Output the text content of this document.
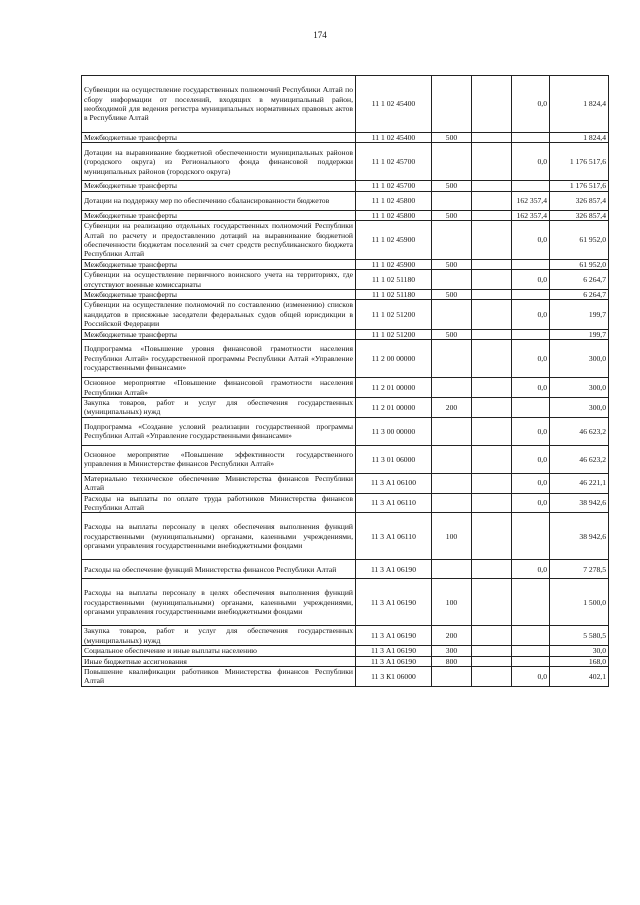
174
Субвенции на осуществление государственных полномочий Республики Алтай по сбору информации от поселений, входящих в муниципальный район, необходимой для ведения регистра муниципальных нормативных правовых актов в Республике Алтай	11 1 02 45400			0,0	1 824,4
Межбюджетные трансферты	11 1 02 45400	500			1 824,4
Дотации на выравнивание бюджетной обеспеченности муниципальных районов (городского округа) из Регионального фонда финансовой поддержки муниципальных районов (городского округа)	11 1 02 45700			0,0	1 176 517,6
Межбюджетные трансферты	11 1 02 45700	500			1 176 517,6
Дотации на поддержку мер по обеспечению сбалансированности бюджетов	11 1 02 45800			162 357,4	326 857,4
Межбюджетные трансферты	11 1 02 45800	500		162 357,4	326 857,4
Субвенции на реализацию отдельных государственных полномочий Республики Алтай по расчету и предоставлению дотаций на выравнивание бюджетной обеспеченности бюджетам поселений за счет средств республиканского бюджета Республики Алтай	11 1 02 45900			0,0	61 952,0
Межбюджетные трансферты	11 1 02 45900	500			61 952,0
Субвенции на осуществление первичного воинского учета на территориях, где отсутствуют военные комиссариаты	11 1 02 51180			0,0	6 264,7
Межбюджетные трансферты	11 1 02 51180	500			6 264,7
Субвенции на осуществление полномочий по составлению (изменению) списков кандидатов в присяжные заседатели федеральных судов общей юрисдикции в Российской Федерации	11 1 02 51200			0,0	199,7
Межбюджетные трансферты	11 1 02 51200	500			199,7
Подпрограмма «Повышение уровня финансовой грамотности населения Республики Алтай» государственной программы Республики Алтай «Управление государственными финансами»	11 2 00 00000			0,0	300,0
Основное мероприятие «Повышение финансовой грамотности населения Республики Алтай»	11 2 01 00000			0,0	300,0
Закупка товаров, работ и услуг для обеспечения государственных (муниципальных) нужд	11 2 01 00000	200			300,0
Подпрограмма «Создание условий реализации государственной программы Республики Алтай «Управление государственными финансами»	11 3 00 00000			0,0	46 623,2
Основное мероприятие «Повышение эффективности государственного управления в Министерстве финансов Республики Алтай»	11 3 01 06000			0,0	46 623,2
Материально техническое обеспечение Министерства финансов Республики Алтай	11 3 А1 06100			0,0	46 221,1
Расходы на выплаты по оплате труда работников Министерства финансов Республики Алтай	11 3 А1 06110			0,0	38 942,6
Расходы на выплаты персоналу в целях обеспечения выполнения функций государственными (муниципальными) органами, казенными учреждениями, органами управления государственными внебюджетными фондами	11 3 А1 06110	100			38 942,6
Расходы на обеспечение функций Министерства финансов Республики Алтай	11 3 А1 06190			0,0	7 278,5
Расходы на выплаты персоналу в целях обеспечения выполнения функций государственными (муниципальными) органами, казенными учреждениями, органами управления государственными внебюджетными фондами	11 3 А1 06190	100			1 500,0
Закупка товаров, работ и услуг для обеспечения государственных (муниципальных) нужд	11 3 А1 06190	200			5 580,5
Социальное обеспечение и иные выплаты населению	11 3 А1 06190	300			30,0
Иные бюджетные ассигнования	11 3 А1 06190	800			168,0
Повышение квалификации работников Министерства финансов Республики Алтай	11 3 К1 06000			0,0	402,1
